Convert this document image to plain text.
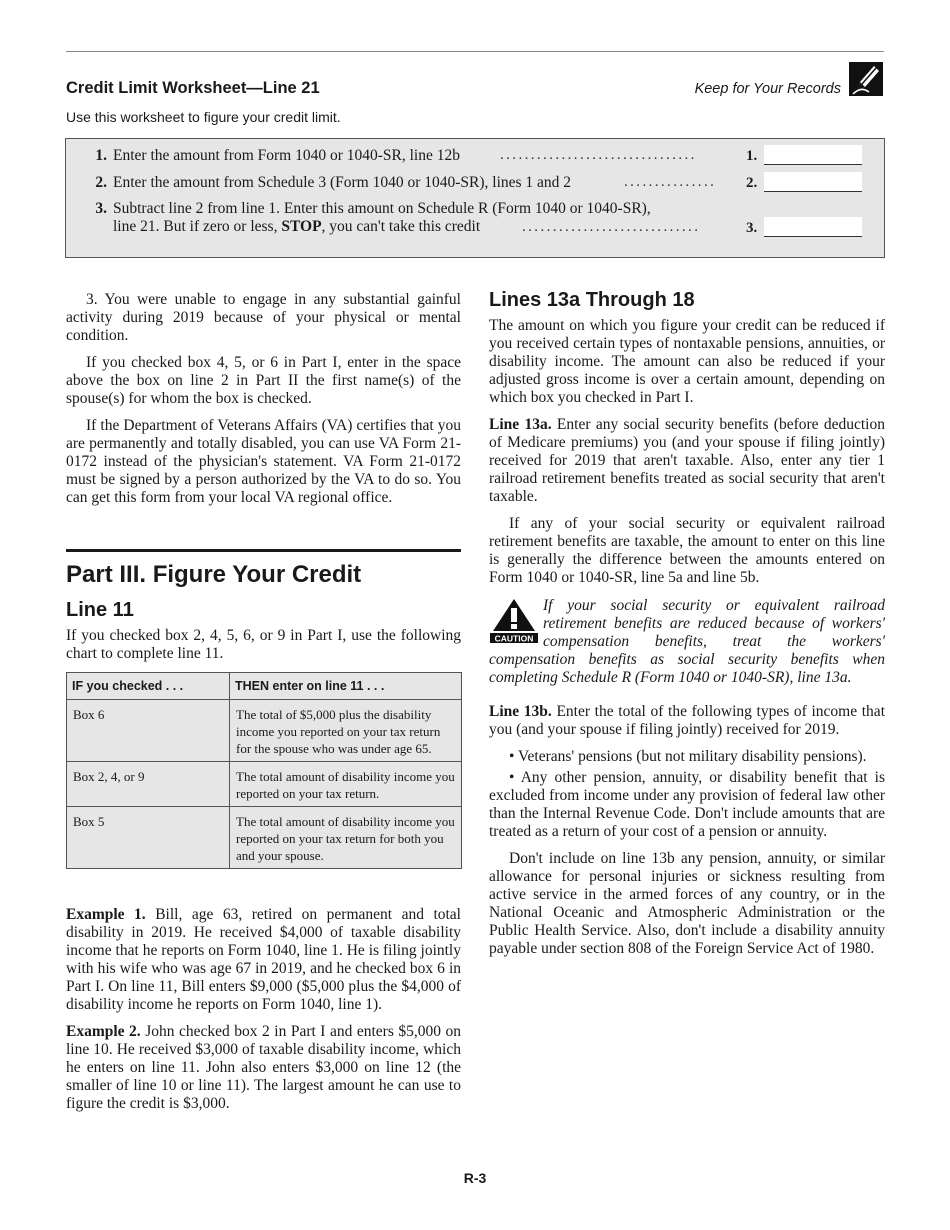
Credit Limit Worksheet—Line 21	Keep for Your Records
Use this worksheet to figure your credit limit.
1. Enter the amount from Form 1040 or 1040-SR, line 12b	................................	1.
2. Enter the amount from Schedule 3 (Form 1040 or 1040-SR), lines 1 and 2	............... 2.
3. Subtract line 2 from line 1. Enter this amount on Schedule R (Form 1040 or 1040-SR),
line 21. But if zero or less, STOP, you can't take this credit	.............................	3.

3. You were unable to engage in any substantial gainful activity during 2019 because of your physical or mental condition.

If you checked box 4, 5, or 6 in Part I, enter in the space above the box on line 2 in Part II the first name(s) of the spouse(s) for whom the box is checked.

If the Department of Veterans Affairs (VA) certifies that you are permanently and totally disabled, you can use VA Form 21-0172 instead of the physician's statement. VA Form 21-0172 must be signed by a person authorized by the VA to do so. You can get this form from your local VA regional office.

Part III. Figure Your Credit
Line 11

If you checked box 2, 4, 5, 6, or 9 in Part I, use the following chart to complete line 11.

IF you checked . . .	THEN enter on line 11 . . .
Box 6	The total of $5,000 plus the disability income you reported on your tax return for the spouse who was under age 65.
Box 2, 4, or 9	The total amount of disability income you reported on your tax return.
Box 5	The total amount of disability income you reported on your tax return for both you and your spouse.

Example 1. Bill, age 63, retired on permanent and total disability in 2019. He received $4,000 of taxable disability income that he reports on Form 1040, line 1. He is filing jointly with his wife who was age 67 in 2019, and he checked box 6 in Part I. On line 11, Bill enters $9,000 ($5,000 plus the $4,000 of disability income he reports on Form 1040, line 1).

Example 2. John checked box 2 in Part I and enters $5,000 on line 10. He received $3,000 of taxable disability income, which he enters on line 11. John also enters $3,000 on line 12 (the smaller of line 10 or line 11). The largest amount he can use to figure the credit is $3,000.

Lines 13a Through 18

The amount on which you figure your credit can be reduced if you received certain types of nontaxable pensions, annuities, or disability income. The amount can also be reduced if your adjusted gross income is over a certain amount, depending on which box you checked in Part I.

Line 13a. Enter any social security benefits (before deduction of Medicare premiums) you (and your spouse if filing jointly) received for 2019 that aren't taxable. Also, enter any tier 1 railroad retirement benefits treated as social security that aren't taxable.

If any of your social security or equivalent railroad retirement benefits are taxable, the amount to enter on this line is generally the difference between the amounts entered on Form 1040 or 1040-SR, line 5a and line 5b.

CAUTION
If your social security or equivalent railroad retirement benefits are reduced because of workers' compensation benefits, treat the workers' compensation benefits as social security benefits when completing Schedule R (Form 1040 or 1040-SR), line 13a.

Line 13b. Enter the total of the following types of income that you (and your spouse if filing jointly) received for 2019.

• Veterans' pensions (but not military disability pensions).

• Any other pension, annuity, or disability benefit that is excluded from income under any provision of federal law other than the Internal Revenue Code. Don't include amounts that are treated as a return of your cost of a pension or annuity.

Don't include on line 13b any pension, annuity, or similar allowance for personal injuries or sickness resulting from active service in the armed forces of any country, or in the National Oceanic and Atmospheric Administration or the Public Health Service. Also, don't include a disability annuity payable under section 808 of the Foreign Service Act of 1980.

R-3
